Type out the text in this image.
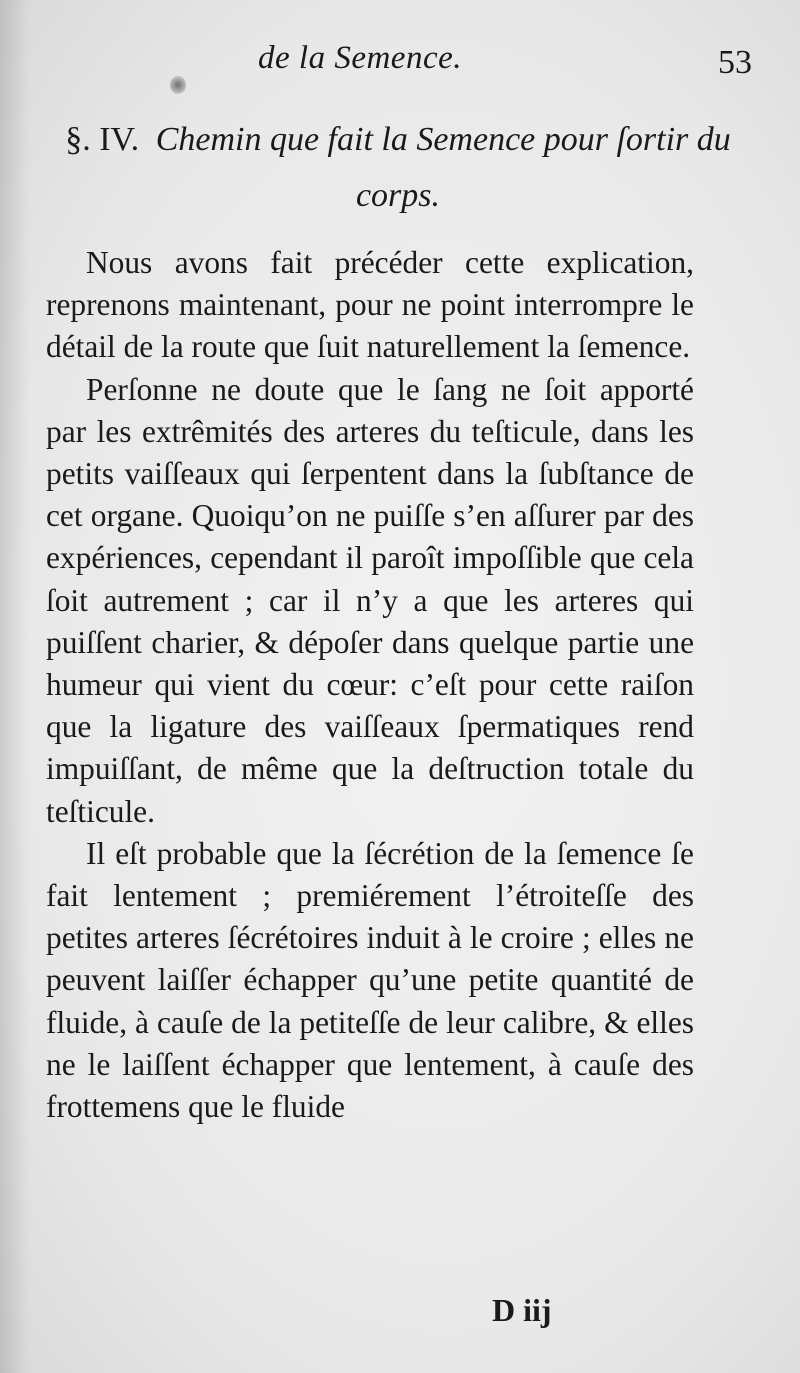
de la Semence.	53
§. IV. Chemin que fait la Semence pour ſortir du corps.

Nous avons fait précéder cette explication, reprenons maintenant, pour ne point interrompre le détail de la route que ſuit naturellement la ſemence.

Perſonne ne doute que le ſang ne ſoit apporté par les extrêmités des arteres du teſticule, dans les petits vaiſſeaux qui ſerpentent dans la ſubſtance de cet organe. Quoiqu’on ne puiſſe s’en aſſurer par des expériences, cependant il paroît impoſſible que cela ſoit autrement ; car il n’y a que les arteres qui puiſſent charier, & dépoſer dans quelque partie une humeur qui vient du cœur: c’eſt pour cette raiſon que la ligature des vaiſſeaux ſpermatiques rend impuiſſant, de même que la deſtruction totale du teſticule.

Il eſt probable que la ſécrétion de la ſemence ſe fait lentement ; premiérement l’étroiteſſe des petites arteres ſécrétoires induit à le croire ; elles ne peuvent laiſſer échapper qu’une petite quantité de fluide, à cauſe de la petiteſſe de leur calibre, & elles ne le laiſſent échapper que lentement, à cauſe des frottemens que le fluide

D iij
